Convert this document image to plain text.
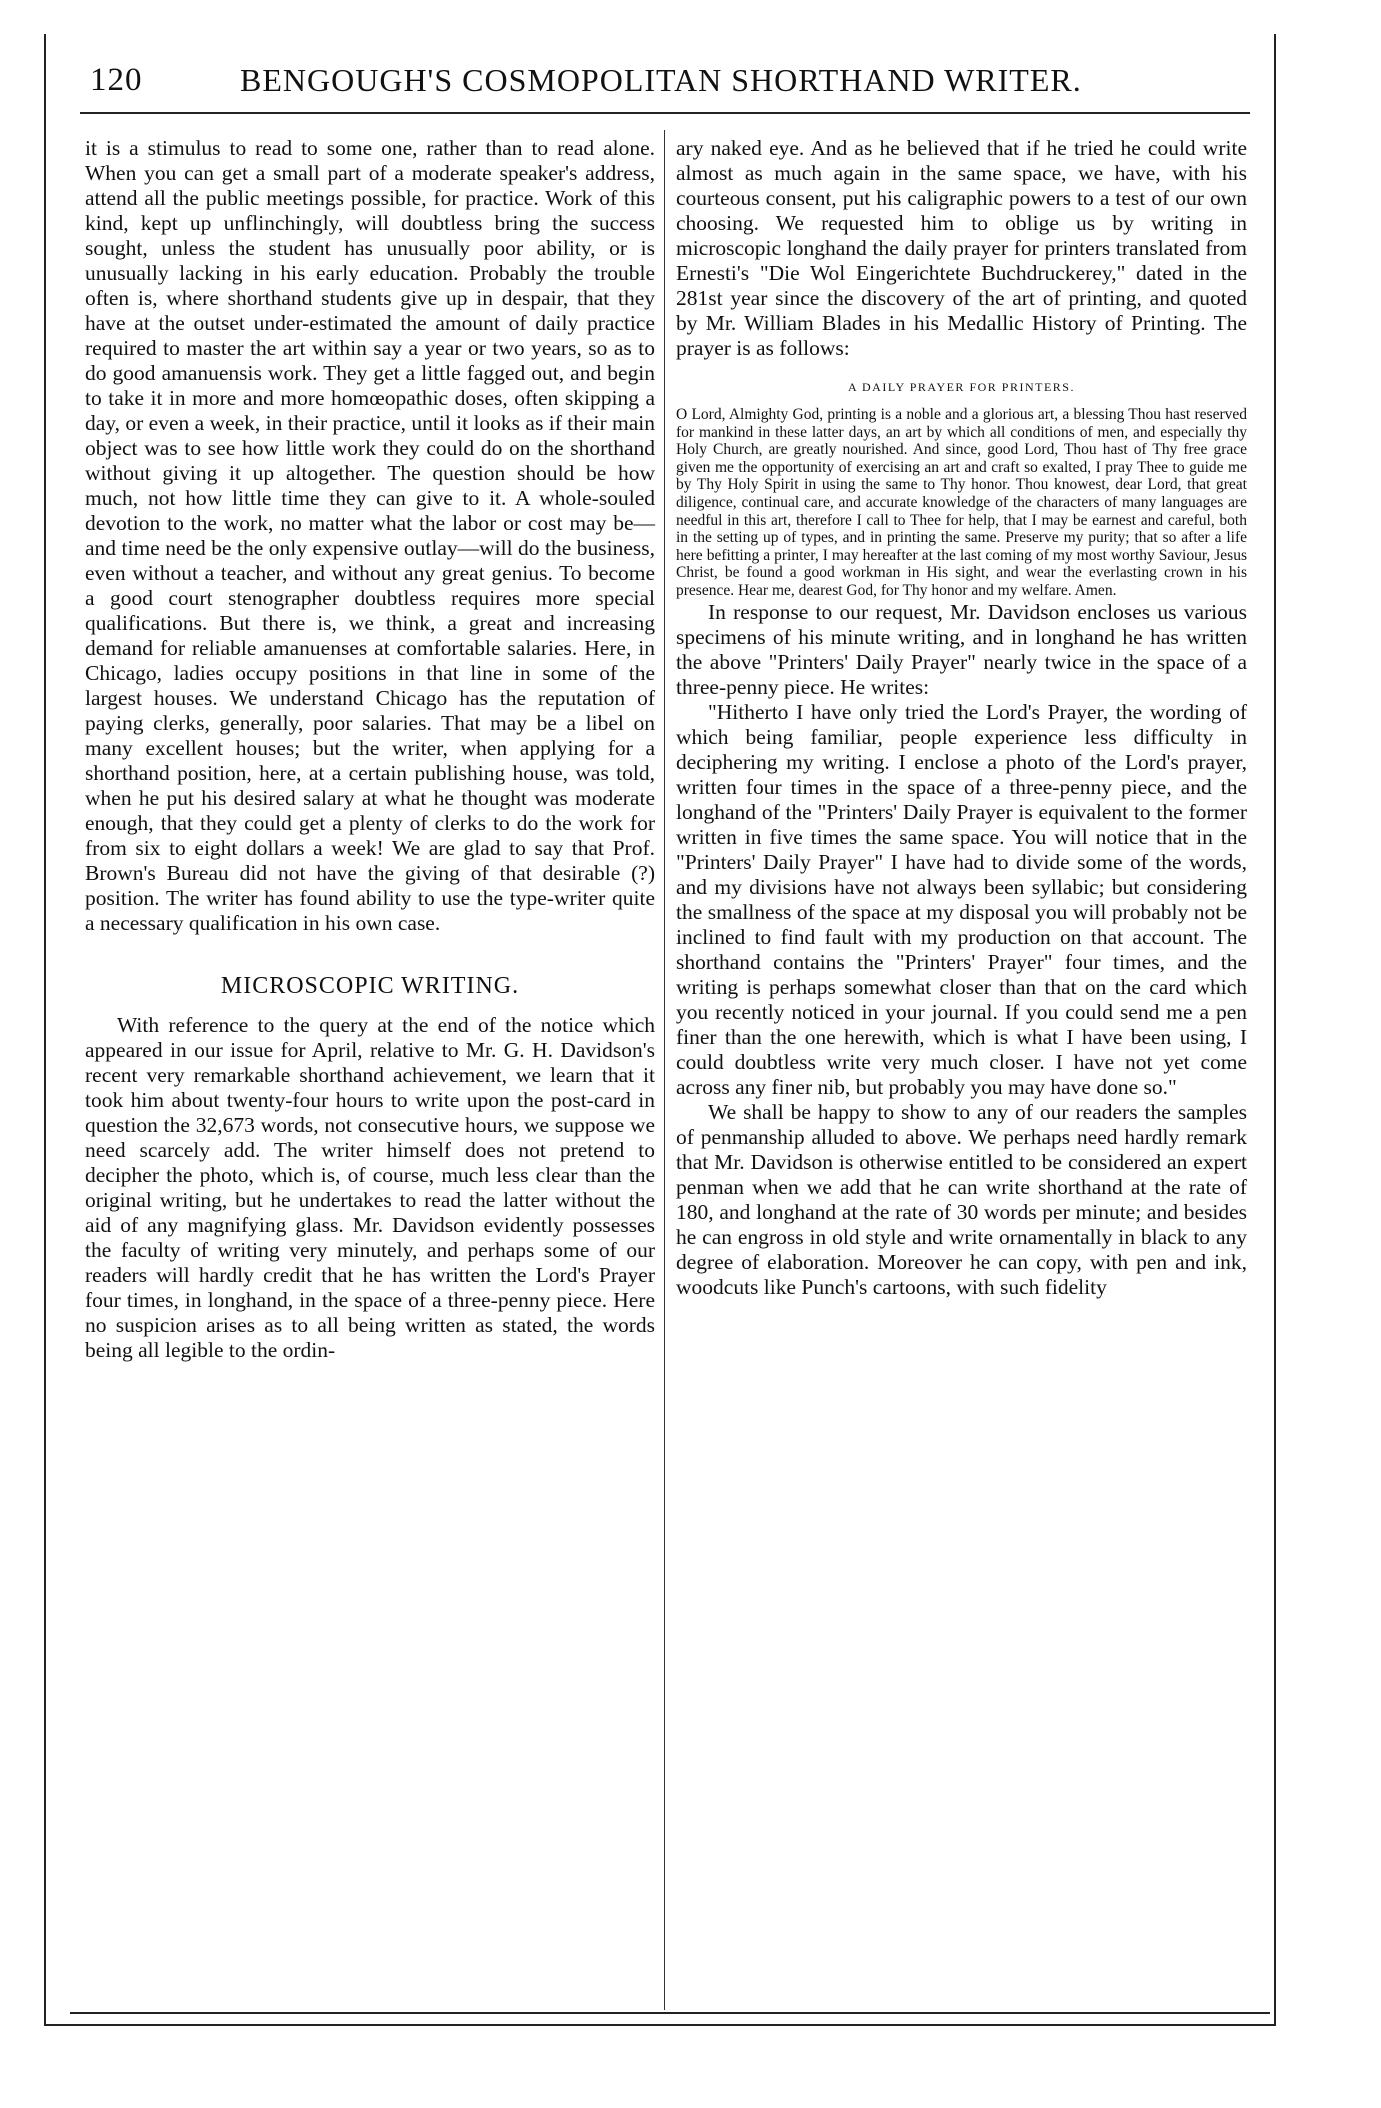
120	BENGOUGH'S COSMOPOLITAN SHORTHAND WRITER.

it is a stimulus to read to some one, rather than to read alone. When you can get a small part of a moderate speaker's address, attend all the public meetings possible, for practice. Work of this kind, kept up unflinchingly, will doubtless bring the success sought, unless the student has unusually poor ability, or is unusually lacking in his early education. Probably the trouble often is, where shorthand students give up in despair, that they have at the outset under-estimated the amount of daily practice required to master the art within say a year or two years, so as to do good amanuensis work. They get a little fagged out, and begin to take it in more and more homœopathic doses, often skipping a day, or even a week, in their practice, until it looks as if their main object was to see how little work they could do on the shorthand without giving it up altogether. The question should be how much, not how little time they can give to it. A whole-souled devotion to the work, no matter what the labor or cost may be—and time need be the only expensive outlay—will do the business, even without a teacher, and without any great genius. To become a good court stenographer doubtless requires more special qualifications. But there is, we think, a great and increasing demand for reliable amanuenses at comfortable salaries. Here, in Chicago, ladies occupy positions in that line in some of the largest houses. We understand Chicago has the reputation of paying clerks, generally, poor salaries. That may be a libel on many excellent houses; but the writer, when applying for a shorthand position, here, at a certain publishing house, was told, when he put his desired salary at what he thought was moderate enough, that they could get a plenty of clerks to do the work for from six to eight dollars a week! We are glad to say that Prof. Brown's Bureau did not have the giving of that desirable (?) position. The writer has found ability to use the type-writer quite a necessary qualification in his own case.

MICROSCOPIC WRITING.

With reference to the query at the end of the notice which appeared in our issue for April, relative to Mr. G. H. Davidson's recent very remarkable shorthand achievement, we learn that it took him about twenty-four hours to write upon the post-card in question the 32,673 words, not consecutive hours, we suppose we need scarcely add. The writer himself does not pretend to decipher the photo, which is, of course, much less clear than the original writing, but he undertakes to read the latter without the aid of any magnifying glass. Mr. Davidson evidently possesses the faculty of writing very minutely, and perhaps some of our readers will hardly credit that he has written the Lord's Prayer four times, in longhand, in the space of a three-penny piece. Here no suspicion arises as to all being written as stated, the words being all legible to the ordin-

ary naked eye. And as he believed that if he tried he could write almost as much again in the same space, we have, with his courteous consent, put his caligraphic powers to a test of our own choosing. We requested him to oblige us by writing in microscopic longhand the daily prayer for printers translated from Ernesti's "Die Wol Eingerichtete Buchdruckerey," dated in the 281st year since the discovery of the art of printing, and quoted by Mr. William Blades in his Medallic History of Printing. The prayer is as follows:

A DAILY PRAYER FOR PRINTERS.

O Lord, Almighty God, printing is a noble and a glorious art, a blessing Thou hast reserved for mankind in these latter days, an art by which all conditions of men, and especially thy Holy Church, are greatly nourished. And since, good Lord, Thou hast of Thy free grace given me the opportunity of exercising an art and craft so exalted, I pray Thee to guide me by Thy Holy Spirit in using the same to Thy honor. Thou knowest, dear Lord, that great diligence, continual care, and accurate knowledge of the characters of many languages are needful in this art, therefore I call to Thee for help, that I may be earnest and careful, both in the setting up of types, and in printing the same. Preserve my purity; that so after a life here befitting a printer, I may hereafter at the last coming of my most worthy Saviour, Jesus Christ, be found a good workman in His sight, and wear the everlasting crown in his presence. Hear me, dearest God, for Thy honor and my welfare. Amen.

In response to our request, Mr. Davidson encloses us various specimens of his minute writing, and in longhand he has written the above "Printers' Daily Prayer" nearly twice in the space of a three-penny piece. He writes:

"Hitherto I have only tried the Lord's Prayer, the wording of which being familiar, people experience less difficulty in deciphering my writing. I enclose a photo of the Lord's prayer, written four times in the space of a three-penny piece, and the longhand of the "Printers' Daily Prayer is equivalent to the former written in five times the same space. You will notice that in the "Printers' Daily Prayer" I have had to divide some of the words, and my divisions have not always been syllabic; but considering the smallness of the space at my disposal you will probably not be inclined to find fault with my production on that account. The shorthand contains the "Printers' Prayer" four times, and the writing is perhaps somewhat closer than that on the card which you recently noticed in your journal. If you could send me a pen finer than the one herewith, which is what I have been using, I could doubtless write very much closer. I have not yet come across any finer nib, but probably you may have done so."

We shall be happy to show to any of our readers the samples of penmanship alluded to above. We perhaps need hardly remark that Mr. Davidson is otherwise entitled to be considered an expert penman when we add that he can write shorthand at the rate of 180, and longhand at the rate of 30 words per minute; and besides he can engross in old style and write ornamentally in black to any degree of elaboration. Moreover he can copy, with pen and ink, woodcuts like Punch's cartoons, with such fidelity
